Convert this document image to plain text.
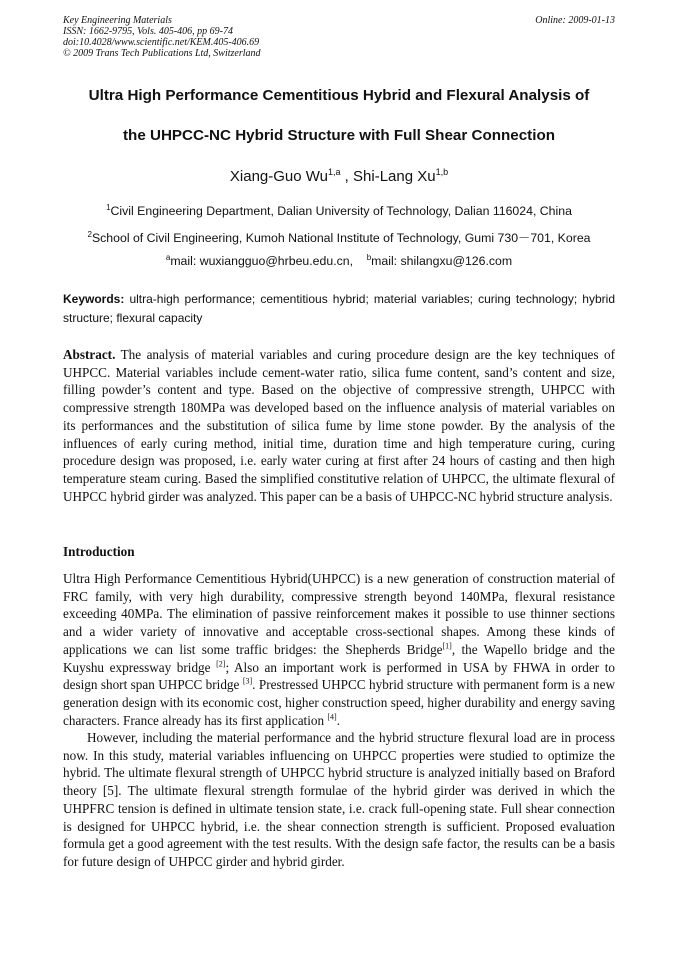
Key Engineering Materials
ISSN: 1662-9795, Vols. 405-406, pp 69-74
doi:10.4028/www.scientific.net/KEM.405-406.69
© 2009 Trans Tech Publications Ltd, Switzerland
Online: 2009-01-13
Ultra High Performance Cementitious Hybrid and Flexural Analysis of
the UHPCC-NC Hybrid Structure with Full Shear Connection
Xiang-Guo Wu$^{1,a}$ , Shi-Lang Xu$^{1,b}$
$^1$Civil Engineering Department, Dalian University of Technology, Dalian 116024, China
$^2$School of Civil Engineering, Kumoh National Institute of Technology, Gumi 730－701, Korea
$^a$mail: wuxiangguo@hrbeu.edu.cn, $^b$mail: shilangxu@126.com
Keywords: ultra-high performance; cementitious hybrid; material variables; curing technology; hybrid structure; flexural capacity
Abstract. The analysis of material variables and curing procedure design are the key techniques of UHPCC. Material variables include cement-water ratio, silica fume content, sand’s content and size, filling powder’s content and type. Based on the objective of compressive strength, UHPCC with compressive strength 180MPa was developed based on the influence analysis of material variables on its performances and the substitution of silica fume by lime stone powder. By the analysis of the influences of early curing method, initial time, duration time and high temperature curing, curing procedure design was proposed, i.e. early water curing at first after 24 hours of casting and then high temperature steam curing. Based the simplified constitutive relation of UHPCC, the ultimate flexural of UHPCC hybrid girder was analyzed. This paper can be a basis of UHPCC-NC hybrid structure analysis.
Introduction
Ultra High Performance Cementitious Hybrid(UHPCC) is a new generation of construction material of FRC family, with very high durability, compressive strength beyond 140MPa, flexural resistance exceeding 40MPa. The elimination of passive reinforcement makes it possible to use thinner sections and a wider variety of innovative and acceptable cross-sectional shapes. Among these kinds of applications we can list some traffic bridges: the Shepherds Bridge[1], the Wapello bridge and the Kuyshu expressway bridge [2]; Also an important work is performed in USA by FHWA in order to design short span UHPCC bridge [3]. Prestressed UHPCC hybrid structure with permanent form is a new generation design with its economic cost, higher construction speed, higher durability and energy saving characters. France already has its first application [4].
However, including the material performance and the hybrid structure flexural load are in process now. In this study, material variables influencing on UHPCC properties were studied to optimize the hybrid. The ultimate flexural strength of UHPCC hybrid structure is analyzed initially based on Braford theory [5]. The ultimate flexural strength formulae of the hybrid girder was derived in which the UHPFRC tension is defined in ultimate tension state, i.e. crack full-opening state. Full shear connection is designed for UHPCC hybrid, i.e. the shear connection strength is sufficient. Proposed evaluation formula get a good agreement with the test results. With the design safe factor, the results can be a basis for future design of UHPCC girder and hybrid girder.
